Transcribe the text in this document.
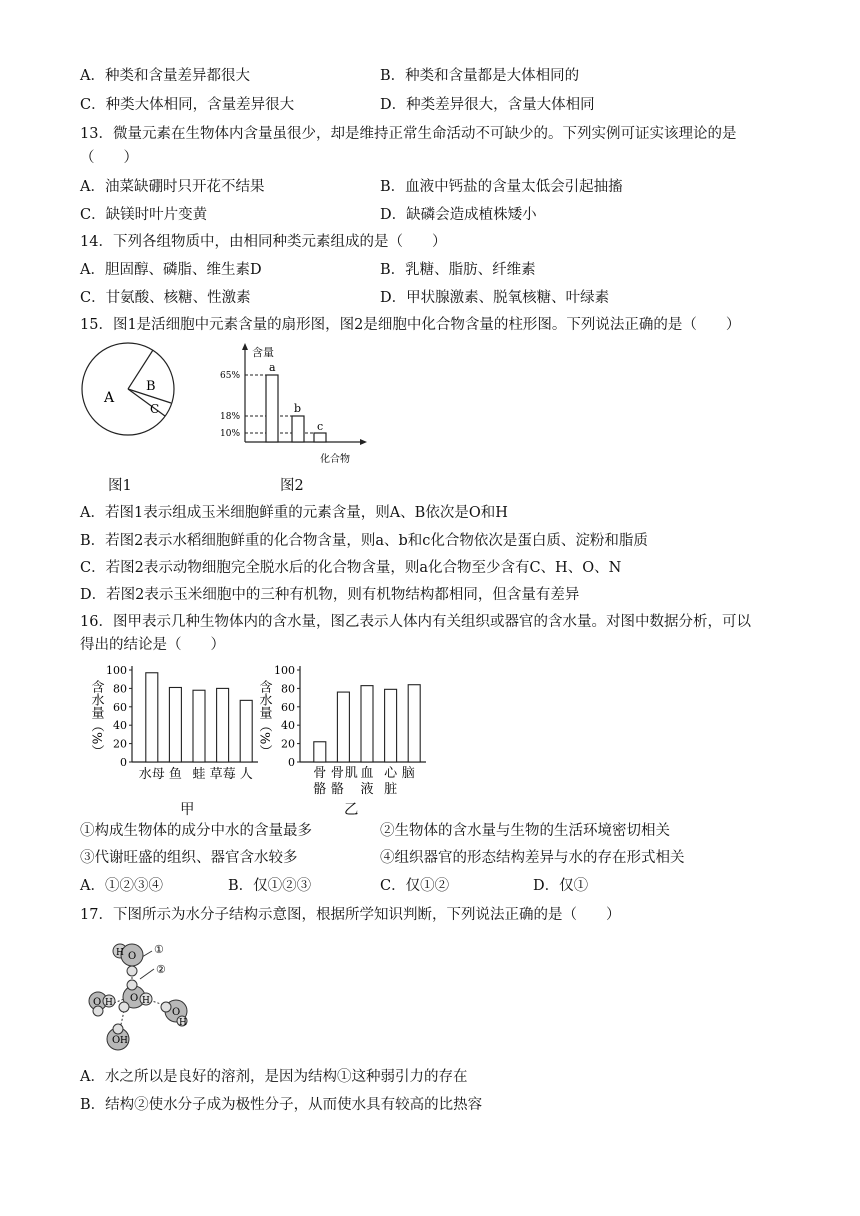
A．种类和含量差异都很大	B．种类和含量都是大体相同的
C．种类大体相同，含量差异很大	D．种类差异很大，含量大体相同
13．微量元素在生物体内含量虽很少，却是维持正常生命活动不可缺少的。下列实例可证实该理论的是
（　　）
A．油菜缺硼时只开花不结果	B．血液中钙盐的含量太低会引起抽搐
C．缺镁时叶片变黄	D．缺磷会造成植株矮小
14．下列各组物质中，由相同种类元素组成的是（　　）
A．胆固醇、磷脂、维生素D	B．乳糖、脂肪、纤维素
C．甘氨酸、核糖、性激素	D．甲状腺激素、脱氧核糖、叶绿素
15．图1是活细胞中元素含量的扇形图，图2是细胞中化合物含量的柱形图。下列说法正确的是（　　）
A
B
C
图1
含量
化合物
65%
18%
10%
a
b
c
图2
A．若图1表示组成玉米细胞鲜重的元素含量，则A、B依次是O和H
B．若图2表示水稻细胞鲜重的化合物含量，则a、b和c化合物依次是蛋白质、淀粉和脂质
C．若图2表示动物细胞完全脱水后的化合物含量，则a化合物至少含有C、H、O、N
D．若图2表示玉米细胞中的三种有机物，则有机物结构都相同，但含量有差异
16．图甲表示几种生物体内的含水量，图乙表示人体内有关组织或器官的含水量。对图中数据分析，可以
得出的结论是（　　）
含水量（%）
0
20
40
60
80
100
水母 鱼 蛙 草莓 人
含水量（%）
0
20
40
60
80
100
骨
骼
骨
骼
肌 血
液
心
脏
脑
甲	乙
①构成生物体的成分中水的含量最多	②生物体的含水量与生物的生活环境密切相关
③代谢旺盛的组织、器官含水较多	④组织器官的形态结构差异与水的存在形式相关
A．①②③④	B．仅①②③	C．仅①②	D．仅①
17．下图所示为水分子结构示意图，根据所学知识判断，下列说法正确的是（　　）
①
②
H O
O H
O H
O
H
O H
A．水之所以是良好的溶剂，是因为结构①这种弱引力的存在
B．结构②使水分子成为极性分子，从而使水具有较高的比热容
